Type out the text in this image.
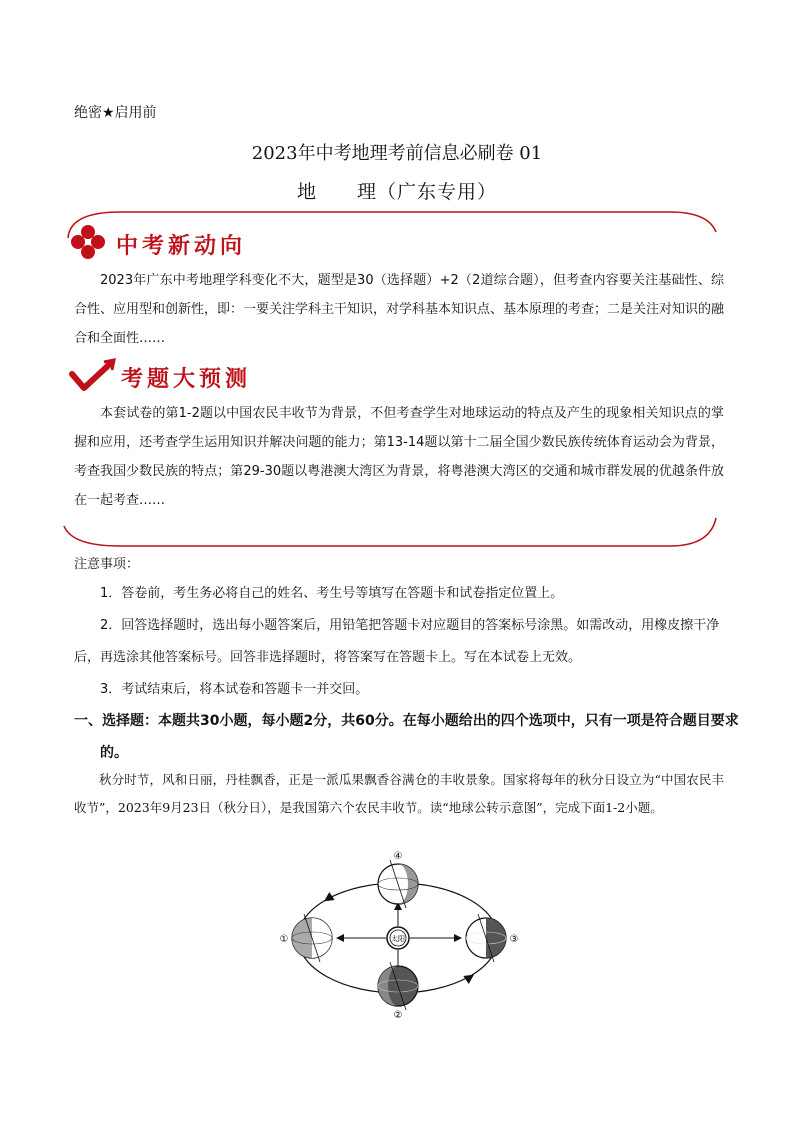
绝密★启用前
2023年中考地理考前信息必刷卷 01
地 理（广东专用）
中考新动向
2023年广东中考地理学科变化不大，题型是30（选择题）+2（2道综合题），但考查内容要关注基础性、综合性、应用型和创新性，即：一要关注学科主干知识，对学科基本知识点、基本原理的考查；二是关注对知识的融合和全面性……
考题大预测
本套试卷的第1-2题以中国农民丰收节为背景，不但考查学生对地球运动的特点及产生的现象相关知识点的掌握和应用，还考查学生运用知识并解决问题的能力；第13-14题以第十二届全国少数民族传统体育运动会为背景，考查我国少数民族的特点；第29-30题以粤港澳大湾区为背景，将粤港澳大湾区的交通和城市群发展的优越条件放在一起考查……
注意事项：
1．答卷前，考生务必将自己的姓名、考生号等填写在答题卡和试卷指定位置上。
2．回答选择题时，选出每小题答案后，用铅笔把答题卡对应题目的答案标号涂黑。如需改动，用橡皮擦干净后，再选涂其他答案标号。回答非选择题时，将答案写在答题卡上。写在本试卷上无效。
3．考试结束后，将本试卷和答题卡一并交回。
一、选择题：本题共30小题，每小题2分，共60分。在每小题给出的四个选项中，只有一项是符合题目要求的。
秋分时节，风和日丽，丹桂飘香，正是一派瓜果飘香谷满仓的丰收景象。国家将每年的秋分日设立为“中国农民丰收节”，2023年9月23日（秋分日），是我国第六个农民丰收节。读“地球公转示意图”，完成下面1-2小题。
太阳
④
①	③
②
